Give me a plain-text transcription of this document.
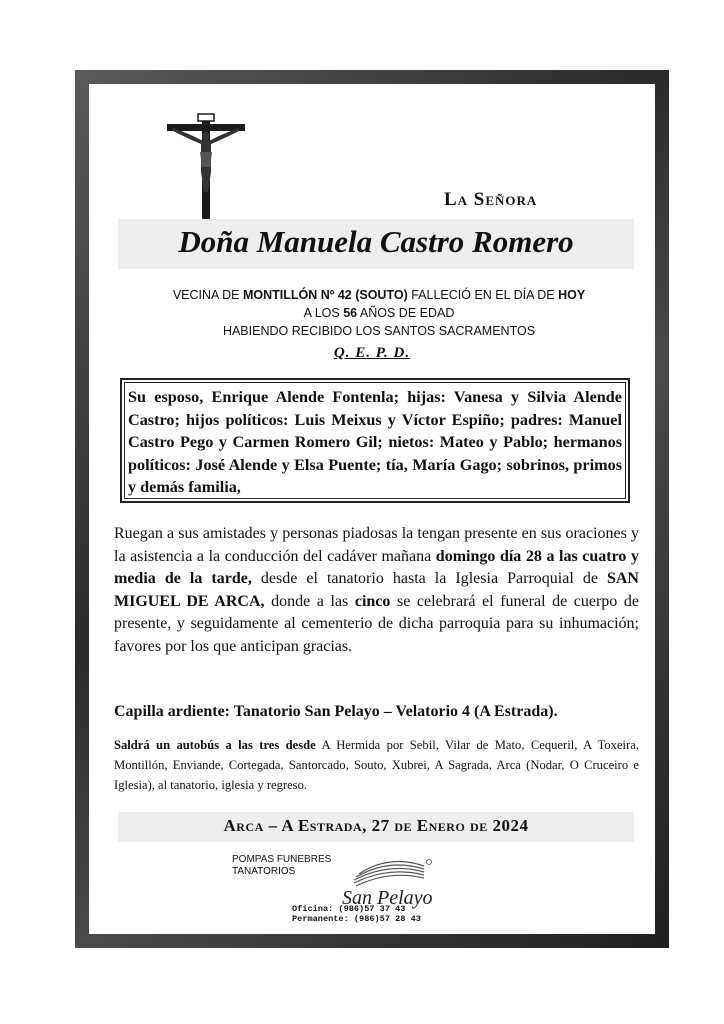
La Señora
Doña Manuela Castro Romero
VECINA DE MONTILLÓN Nº 42 (SOUTO) FALLECIÓ EN EL DÍA DE HOY
A LOS 56 AÑOS DE EDAD
HABIENDO RECIBIDO LOS SANTOS SACRAMENTOS
Q. E. P. D.
Su esposo, Enrique Alende Fontenla; hijas: Vanesa y Silvia Alende Castro; hijos políticos: Luis Meixus y Víctor Espiño; padres: Manuel Castro Pego y Carmen Romero Gil; nietos: Mateo y Pablo; hermanos políticos: José Alende y Elsa Puente; tía, María Gago; sobrinos, primos y demás familia,
Ruegan a sus amistades y personas piadosas la tengan presente en sus oraciones y la asistencia a la conducción del cadáver mañana domingo día 28 a las cuatro y media de la tarde, desde el tanatorio hasta la Iglesia Parroquial de SAN MIGUEL DE ARCA, donde a las cinco se celebrará el funeral de cuerpo de presente, y seguidamente al cementerio de dicha parroquia para su inhumación; favores por los que anticipan gracias.
Capilla ardiente: Tanatorio San Pelayo – Velatorio 4 (A Estrada).
Saldrá un autobús a las tres desde A Hermida por Sebil, Vilar de Mato, Cequeril, A Toxeira, Montillón, Enviande, Cortegada, Santorcado, Souto, Xubrei, A Sagrada, Arca (Nodar, O Cruceiro e Iglesia), al tanatorio, iglesia y regreso.
Arca – A Estrada, 27 de Enero de 2024
POMPAS FUNEBRES
TANATORIOS
San Pelayo
Oficina: (986)57 37 43
Permanente: (986)57 28 43
